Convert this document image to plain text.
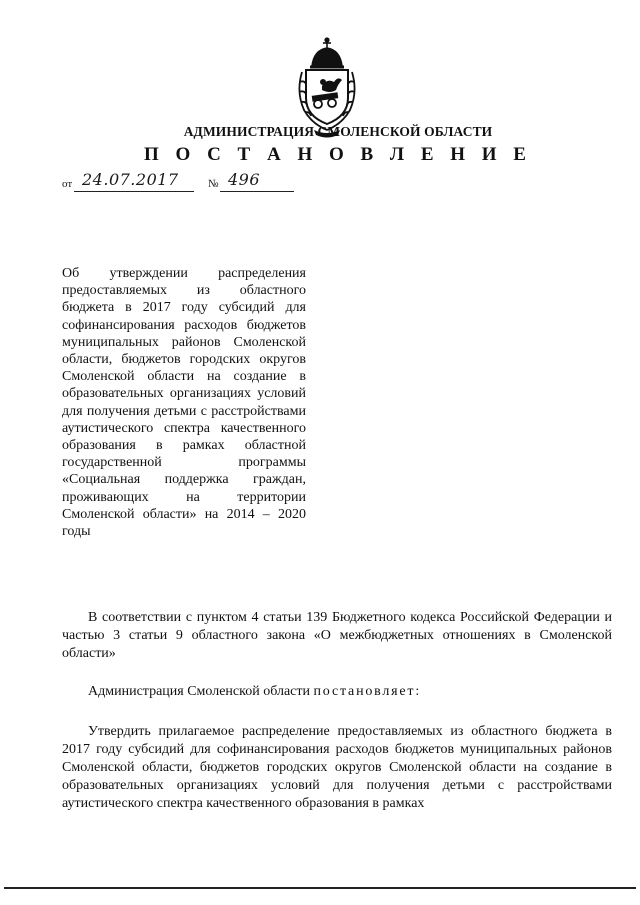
АДМИНИСТРАЦИЯ СМОЛЕНСКОЙ ОБЛАСТИ
П О С Т А Н О В Л Е Н И Е
от 24.07.2017	№ 496
Об утверждении распределения предоставляемых из областного бюджета в 2017 году субсидий для софинансирования расходов бюджетов муниципальных районов Смоленской области, бюджетов городских округов Смоленской области на создание в образовательных организациях условий для получения детьми с расстройствами аутистического спектра качественного образования в рамках областной государственной программы «Социальная поддержка граждан, проживающих на территории Смоленской области» на 2014 – 2020 годы
В соответствии с пунктом 4 статьи 139 Бюджетного кодекса Российской Федерации и частью 3 статьи 9 областного закона «О межбюджетных отношениях в Смоленской области»
Администрация Смоленской области постановляет:
Утвердить прилагаемое распределение предоставляемых из областного бюджета в 2017 году субсидий для софинансирования расходов бюджетов муниципальных районов Смоленской области, бюджетов городских округов Смоленской области на создание в образовательных организациях условий для получения детьми с расстройствами аутистического спектра качественного образования в рамках
